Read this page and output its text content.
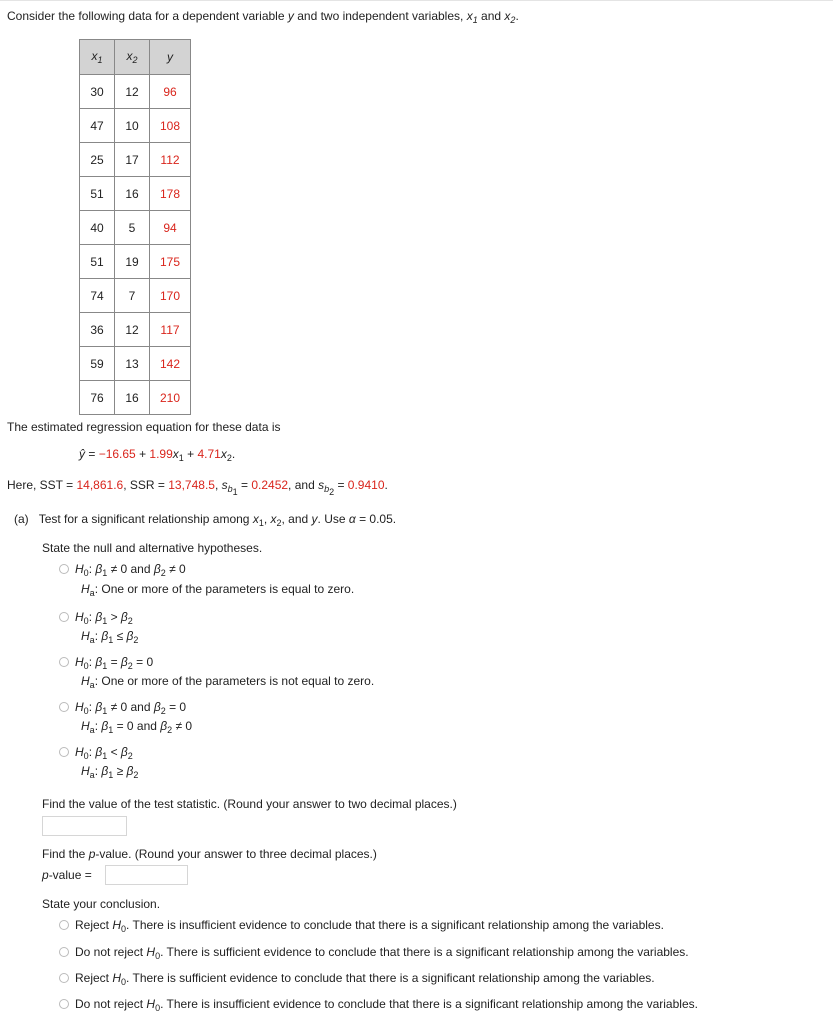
Consider the following data for a dependent variable y and two independent variables, $x_1$ and $x_2$.
$x_1$	$x_2$	y
30	12	96
47	10	108
25	17	112
51	16	178
40	5	94
51	19	175
74	7	170
36	12	117
59	13	142
76	16	210
The estimated regression equation for these data is
ŷ = $-16.65 + 1.99x_1 + 4.71x_2$.
Here, SST = 14,861.6, SSR = 13,748.5, $s_{b_1} = 0.2452$, and $s_{b_2} = 0.9410$.
(a) Test for a significant relationship among $x_1$, $x_2$, and y. Use α = 0.05.
State the null and alternative hypotheses.
$H_0$: $\beta_1 \ne 0$ and $\beta_2 \ne 0$
$H_a$: One or more of the parameters is equal to zero.
$H_0$: $\beta_1 > \beta_2$
$H_a$: $\beta_1 \le \beta_2$
$H_0$: $\beta_1 = \beta_2 = 0$
$H_a$: One or more of the parameters is not equal to zero.
$H_0$: $\beta_1 \ne 0$ and $\beta_2 = 0$
$H_a$: $\beta_1 = 0$ and $\beta_2 \ne 0$
$H_0$: $\beta_1 < \beta_2$
$H_a$: $\beta_1 \ge \beta_2$
Find the value of the test statistic. (Round your answer to two decimal places.)
Find the p-value. (Round your answer to three decimal places.)
p-value =
State your conclusion.
Reject $H_0$. There is insufficient evidence to conclude that there is a significant relationship among the variables.
Do not reject $H_0$. There is sufficient evidence to conclude that there is a significant relationship among the variables.
Reject $H_0$. There is sufficient evidence to conclude that there is a significant relationship among the variables.
Do not reject $H_0$. There is insufficient evidence to conclude that there is a significant relationship among the variables.
